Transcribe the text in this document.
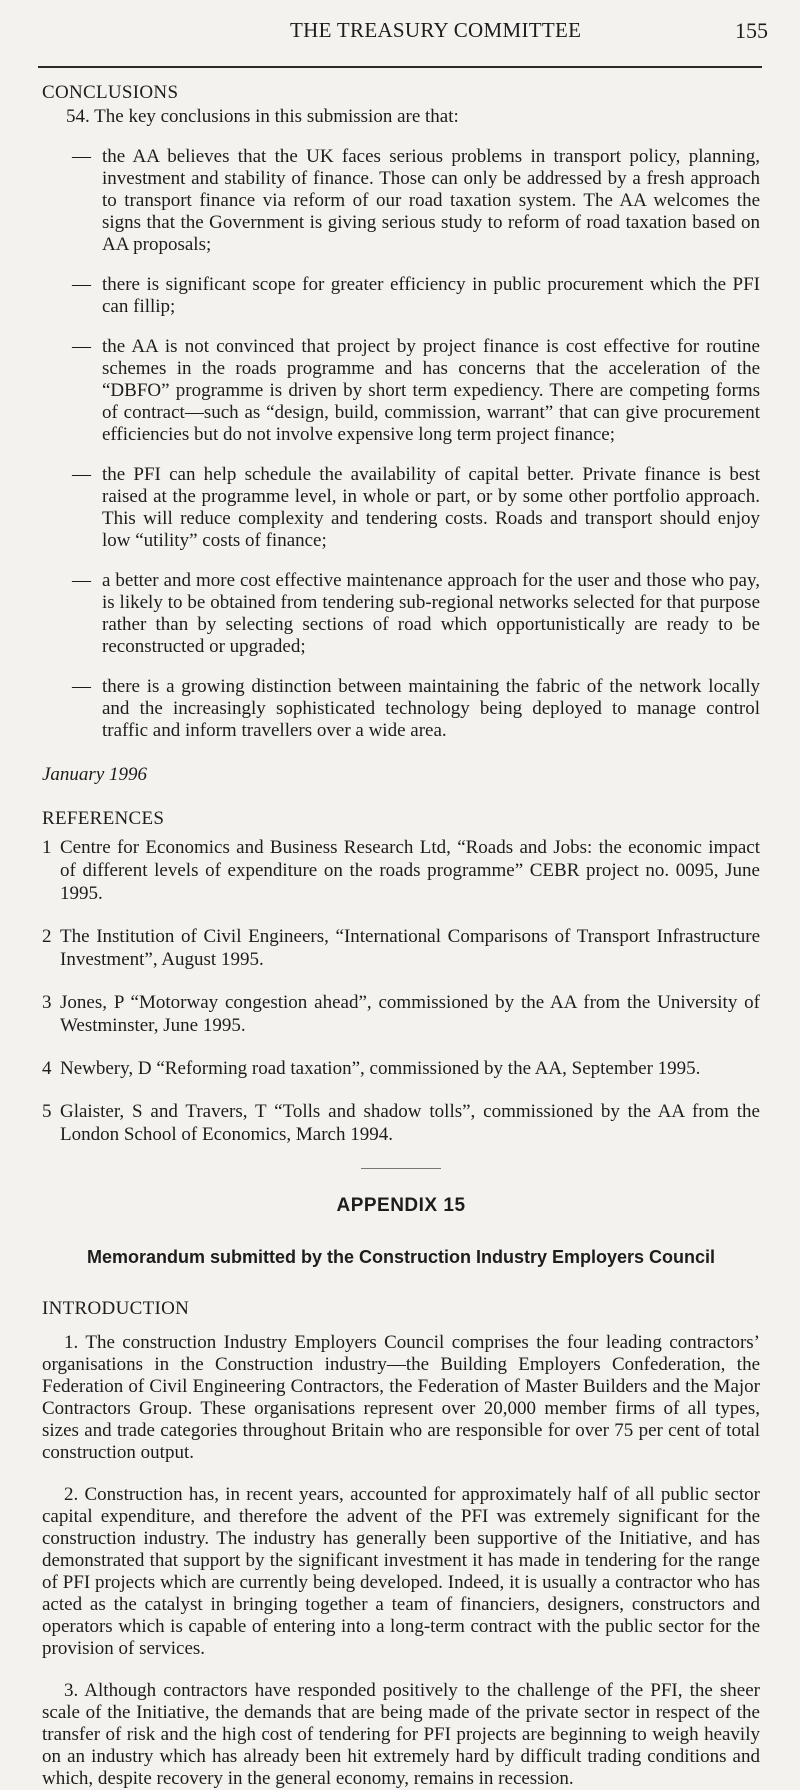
THE TREASURY COMMITTEE	155

CONCLUSIONS

54. The key conclusions in this submission are that:

— the AA believes that the UK faces serious problems in transport policy, planning, investment and stability of finance. Those can only be addressed by a fresh approach to transport finance via reform of our road taxation system. The AA welcomes the signs that the Government is giving serious study to reform of road taxation based on AA proposals;
— there is significant scope for greater efficiency in public procurement which the PFI can fillip;
— the AA is not convinced that project by project finance is cost effective for routine schemes in the roads programme and has concerns that the acceleration of the “DBFO” programme is driven by short term expediency. There are competing forms of contract—such as “design, build, commission, warrant” that can give procurement efficiencies but do not involve expensive long term project finance;
— the PFI can help schedule the availability of capital better. Private finance is best raised at the programme level, in whole or part, or by some other portfolio approach. This will reduce complexity and tendering costs. Roads and transport should enjoy low “utility” costs of finance;
— a better and more cost effective maintenance approach for the user and those who pay, is likely to be obtained from tendering sub-regional networks selected for that purpose rather than by selecting sections of road which opportunistically are ready to be reconstructed or upgraded;
— there is a growing distinction between maintaining the fabric of the network locally and the increasingly sophisticated technology being deployed to manage control traffic and inform travellers over a wide area.

January 1996

REFERENCES

1 Centre for Economics and Business Research Ltd, “Roads and Jobs: the economic impact of different levels of expenditure on the roads programme” CEBR project no. 0095, June 1995.
2 The Institution of Civil Engineers, “International Comparisons of Transport Infrastructure Investment”, August 1995.
3 Jones, P “Motorway congestion ahead”, commissioned by the AA from the University of Westminster, June 1995.
4 Newbery, D “Reforming road taxation”, commissioned by the AA, September 1995.
5 Glaister, S and Travers, T “Tolls and shadow tolls”, commissioned by the AA from the London School of Economics, March 1994.

APPENDIX 15

Memorandum submitted by the Construction Industry Employers Council

INTRODUCTION

1. The construction Industry Employers Council comprises the four leading contractors’ organisations in the Construction industry—the Building Employers Confederation, the Federation of Civil Engineering Contractors, the Federation of Master Builders and the Major Contractors Group. These organisations represent over 20,000 member firms of all types, sizes and trade categories throughout Britain who are responsible for over 75 per cent of total construction output.

2. Construction has, in recent years, accounted for approximately half of all public sector capital expenditure, and therefore the advent of the PFI was extremely significant for the construction industry. The industry has generally been supportive of the Initiative, and has demonstrated that support by the significant investment it has made in tendering for the range of PFI projects which are currently being developed. Indeed, it is usually a contractor who has acted as the catalyst in bringing together a team of financiers, designers, constructors and operators which is capable of entering into a long-term contract with the public sector for the provision of services.

3. Although contractors have responded positively to the challenge of the PFI, the sheer scale of the Initiative, the demands that are being made of the private sector in respect of the transfer of risk and the high cost of tendering for PFI projects are beginning to weigh heavily on an industry which has already been hit extremely hard by difficult trading conditions and which, despite recovery in the general economy, remains in recession.
